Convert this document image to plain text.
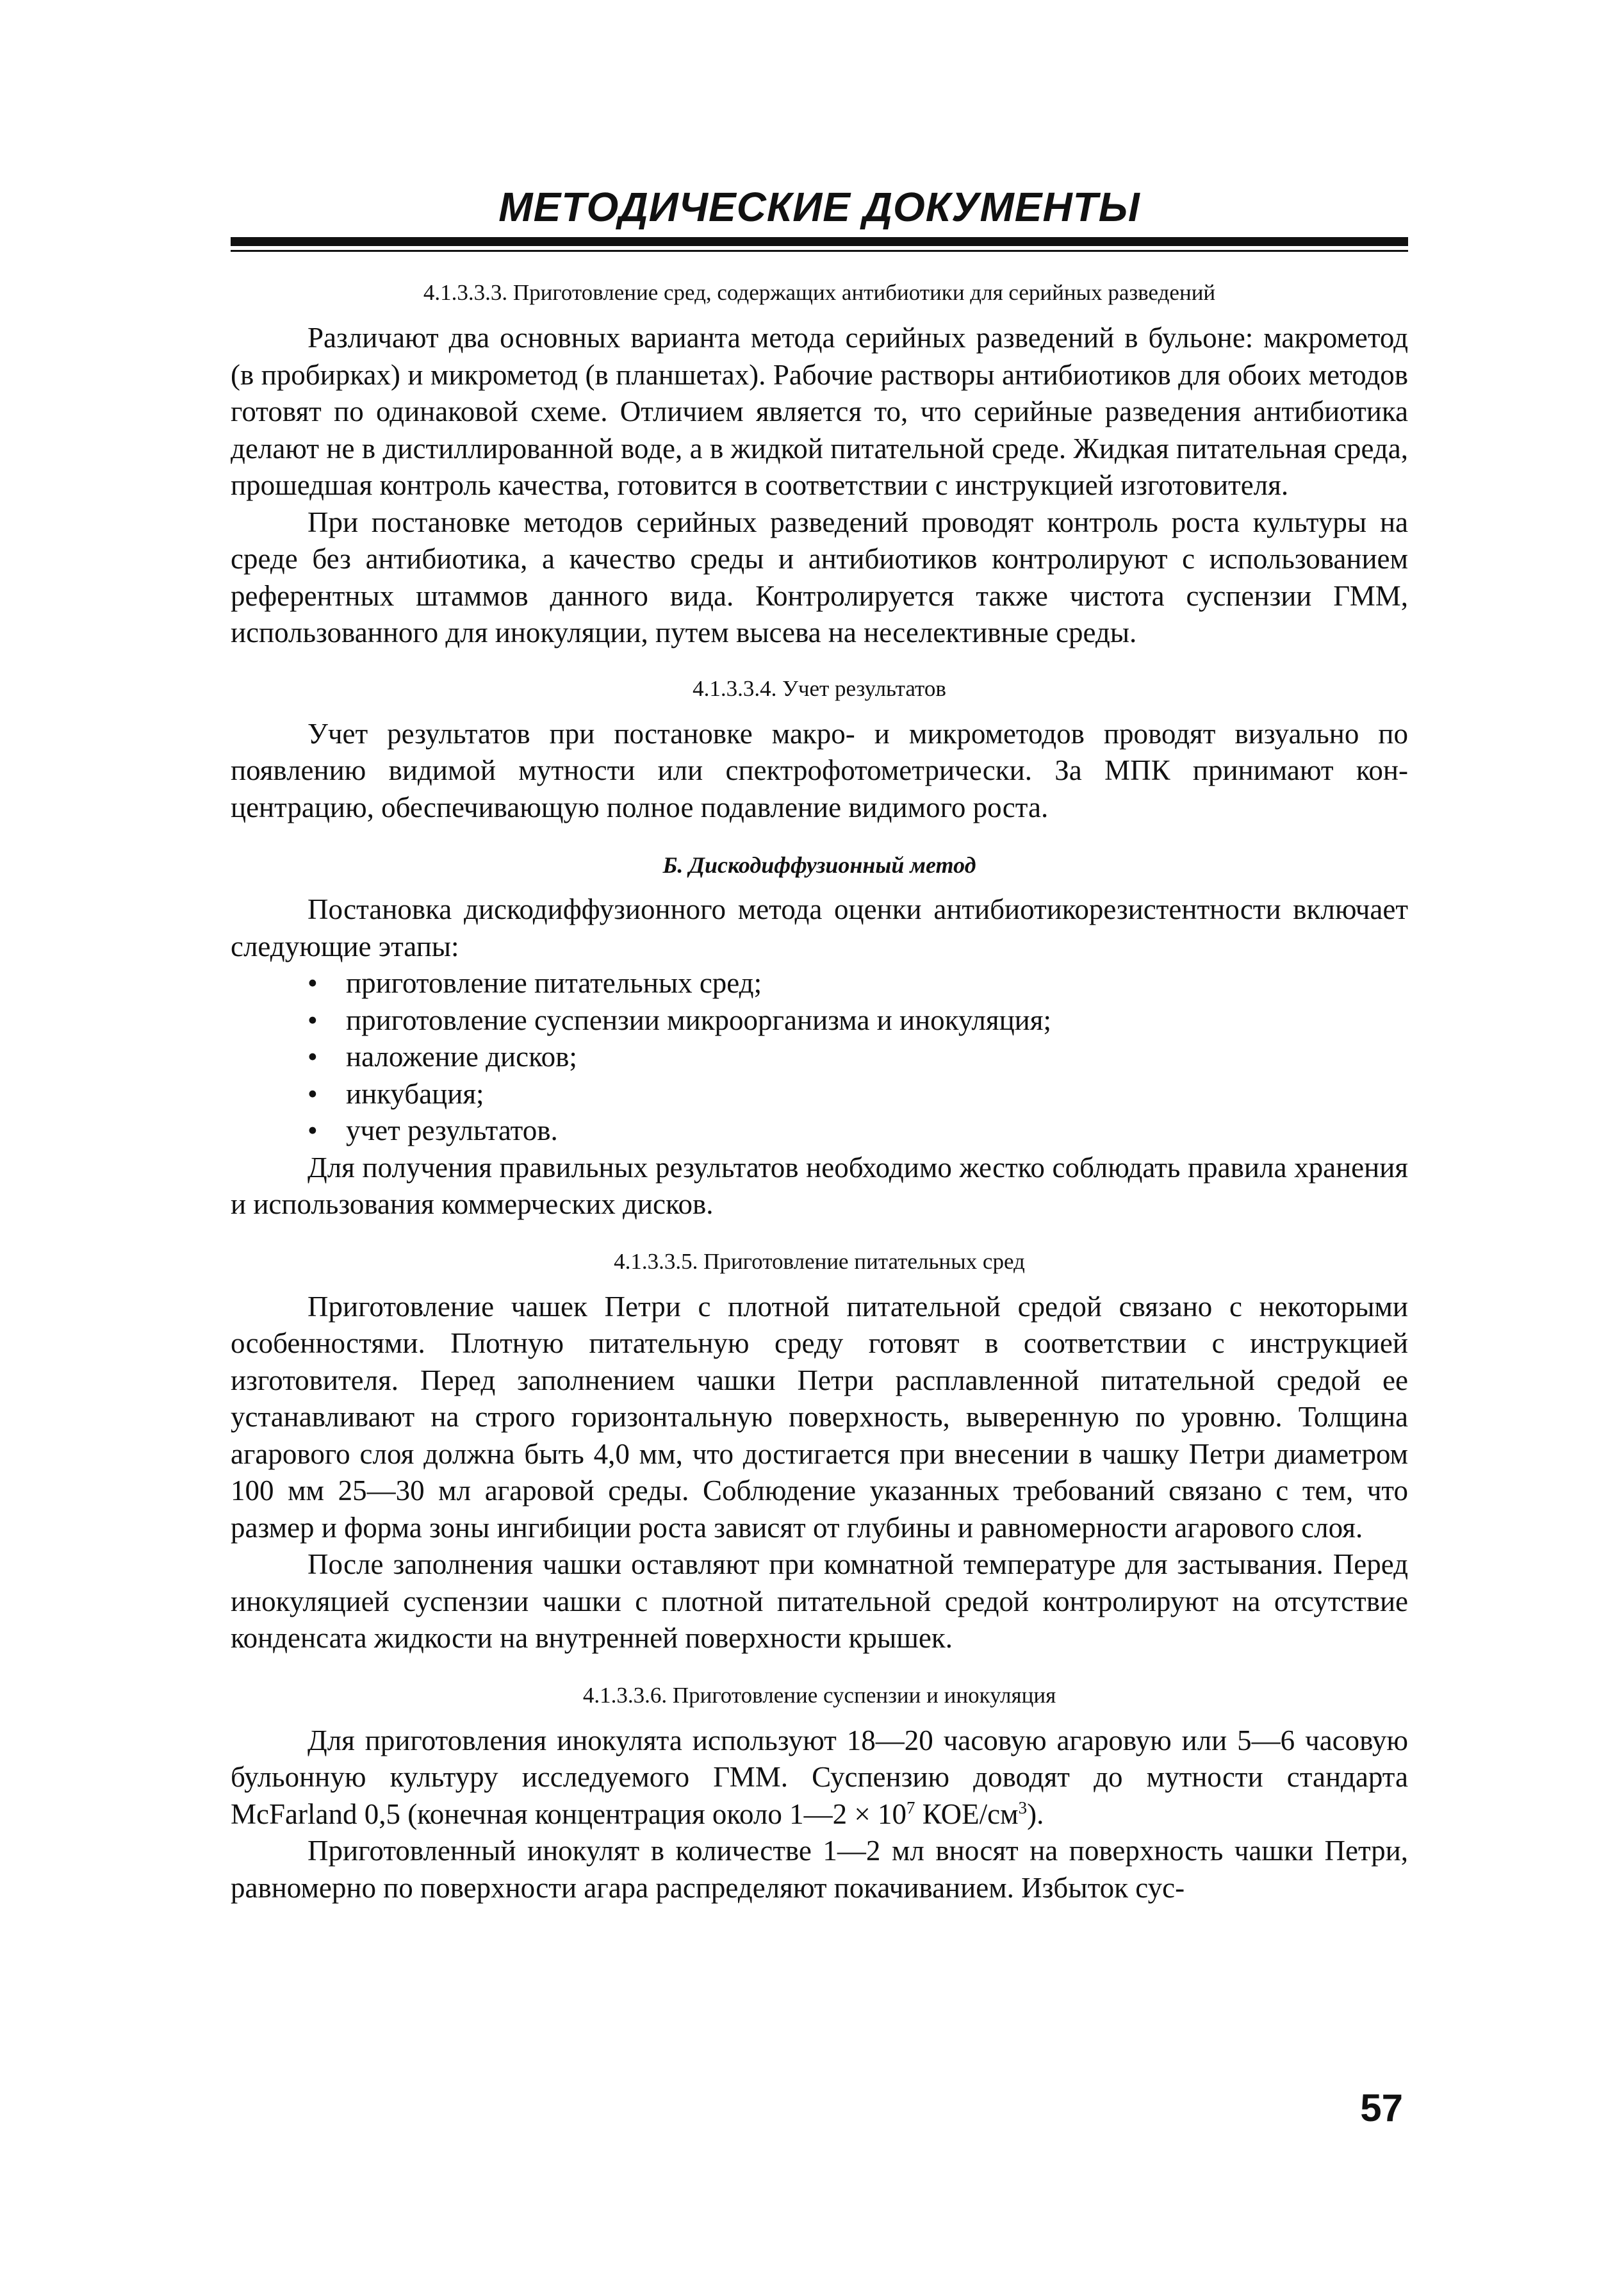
МЕТОДИЧЕСКИЕ ДОКУМЕНТЫ

4.1.3.3.3. Приготовление сред, содержащих антибиотики для серийных разведений

Различают два основных варианта метода серийных разведений в бульоне: макрометод (в пробирках) и микрометод (в планшетах). Рабочие растворы антибиотиков для обоих методов готовят по одинаковой схеме. Отличием является то, что серийные разведения антибиотика делают не в дистиллированной воде, а в жидкой питательной среде. Жидкая питательная среда, прошедшая контроль качества, готовится в соответствии с инструкцией изготовителя.

При постановке методов серийных разведений проводят контроль роста культуры на среде без антибиотика, а качество среды и антибиотиков контролируют с использованием референтных штаммов данного вида. Контролируется также чистота суспензии ГММ, использованного для инокуляции, путем высева на неселективные среды.

4.1.3.3.4. Учет результатов

Учет результатов при постановке макро- и микрометодов проводят визуально по появлению видимой мутности или спектрофотометрически. За МПК принимают концентрацию, обеспечивающую полное подавление видимого роста.

Б. Дискодиффузионный метод

Постановка дискодиффузионного метода оценки антибиотикорезистентности включает следующие этапы:

• приготовление питательных сред;
• приготовление суспензии микроорганизма и инокуляция;
• наложение дисков;
• инкубация;
• учет результатов.

Для получения правильных результатов необходимо жестко соблюдать правила хранения и использования коммерческих дисков.

4.1.3.3.5. Приготовление питательных сред

Приготовление чашек Петри с плотной питательной средой связано с некоторыми особенностями. Плотную питательную среду готовят в соответствии с инструкцией изготовителя. Перед заполнением чашки Петри расплавленной питательной средой ее устанавливают на строго горизонтальную поверхность, выверенную по уровню. Толщина агарового слоя должна быть 4,0 мм, что достигается при внесении в чашку Петри диаметром 100 мм 25—30 мл агаровой среды. Соблюдение указанных требований связано с тем, что размер и форма зоны ингибиции роста зависят от глубины и равномерности агарового слоя.

После заполнения чашки оставляют при комнатной температуре для застывания. Перед инокуляцией суспензии чашки с плотной питательной средой контролируют на отсутствие конденсата жидкости на внутренней поверхности крышек.

4.1.3.3.6. Приготовление суспензии и инокуляция

Для приготовления инокулята используют 18—20 часовую агаровую или 5—6 часовую бульонную культуру исследуемого ГММ. Суспензию доводят до мутности стандарта McFarland 0,5 (конечная концентрация около 1—2 × $10^7$ КОЕ/$см^3$).

Приготовленный инокулят в количестве 1—2 мл вносят на поверхность чашки Петри, равномерно по поверхности агара распределяют покачиванием. Избыток сус-

57
